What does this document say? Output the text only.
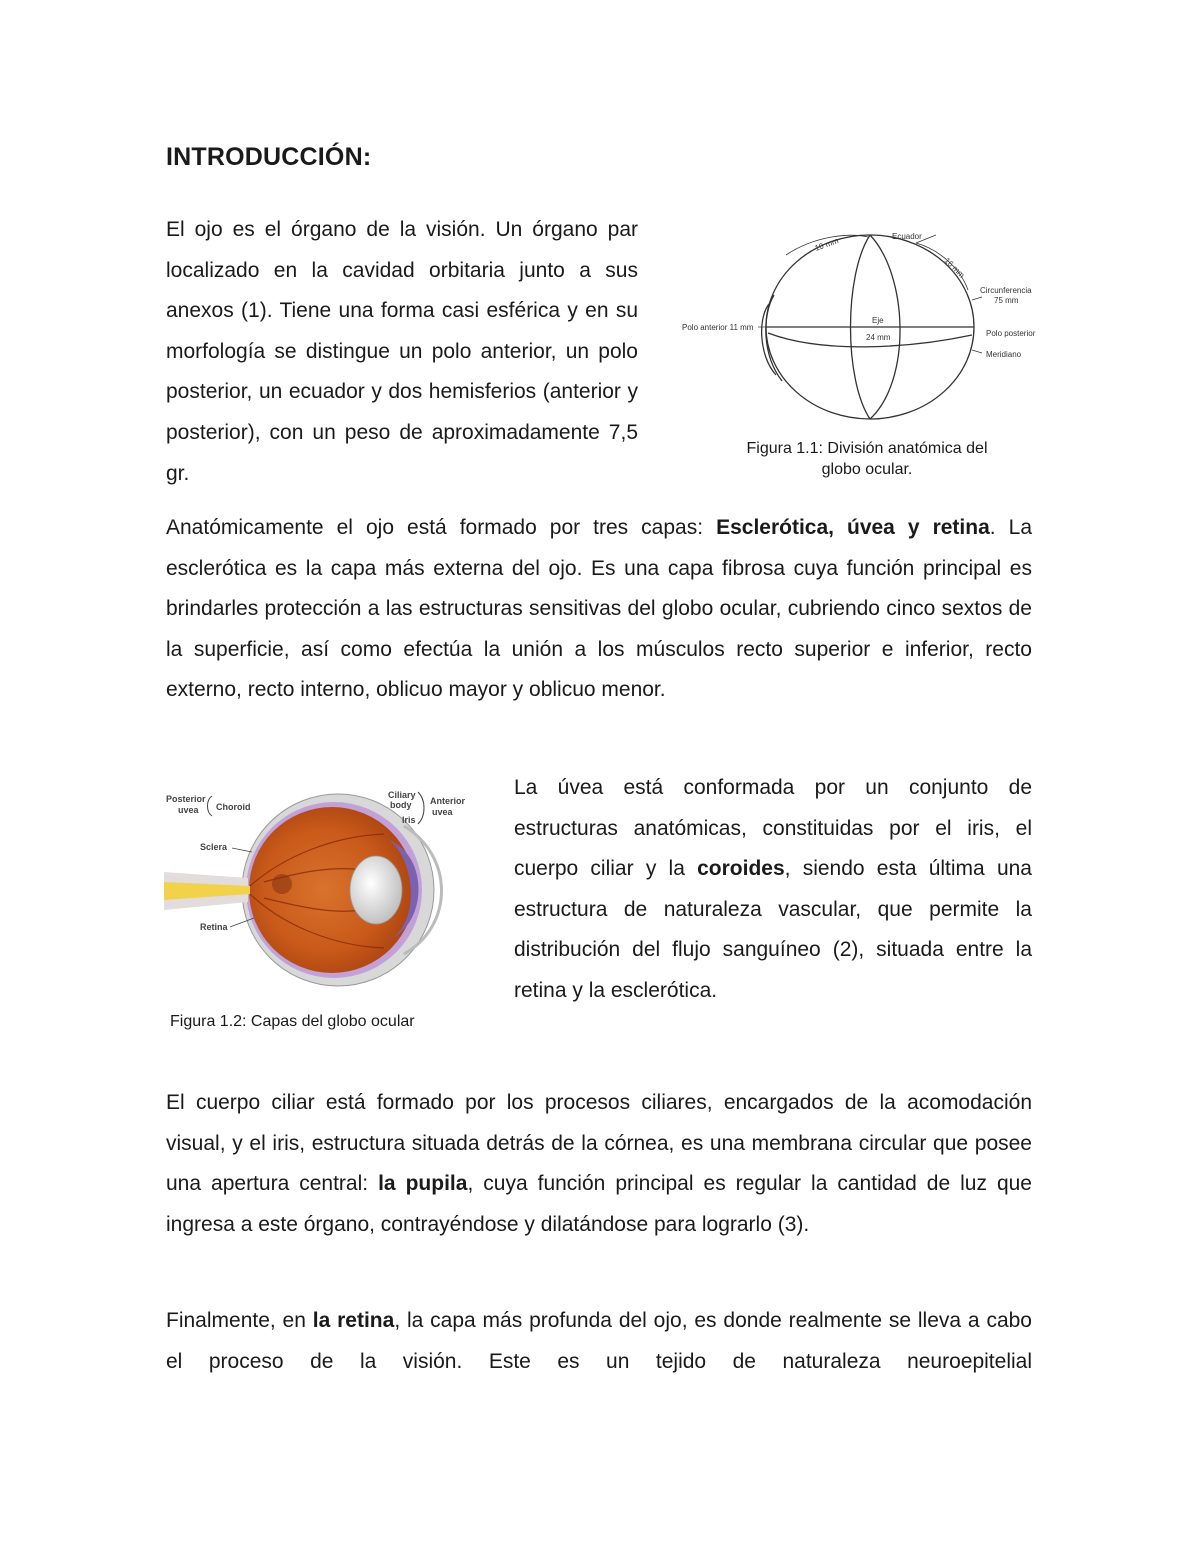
INTRODUCCIÓN:

El ojo es el órgano de la visión. Un órgano par localizado en la cavidad orbitaria junto a sus anexos (1). Tiene una forma casi esférica y en su morfología se distingue un polo anterior, un polo posterior, un ecuador y dos hemisferios (anterior y posterior), con un peso de aproximadamente 7,5 gr.

Ecuador
10 mm
16 mm
Circunferencia
75 mm
Polo anterior 11 mm
Eje
24 mm	Polo posterior
Meridiano
Figura 1.1: División anatómica del
globo ocular.

Anatómicamente el ojo está formado por tres capas: Esclerótica, úvea y retina. La esclerótica es la capa más externa del ojo. Es una capa fibrosa cuya función principal es brindarles protección a las estructuras sensitivas del globo ocular, cubriendo cinco sextos de la superficie, así como efectúa la unión a los músculos recto superior e inferior, recto externo, recto interno, oblicuo mayor y oblicuo menor.

Posterior
uvea Choroid
Ciliary
body
Iris
Anterior
uvea
Sclera
Retina
Figura 1.2: Capas del globo ocular

La úvea está conformada por un conjunto de estructuras anatómicas, constituidas por el iris, el cuerpo ciliar y la coroides, siendo esta última una estructura de naturaleza vascular, que permite la distribución del flujo sanguíneo (2), situada entre la retina y la esclerótica.

El cuerpo ciliar está formado por los procesos ciliares, encargados de la acomodación visual, y el iris, estructura situada detrás de la córnea, es una membrana circular que posee una apertura central: la pupila, cuya función principal es regular la cantidad de luz que ingresa a este órgano, contrayéndose y dilatándose para lograrlo (3).

Finalmente, en la retina, la capa más profunda del ojo, es donde realmente se lleva a cabo el proceso de la visión. Este es un tejido de naturaleza neuroepitelial
